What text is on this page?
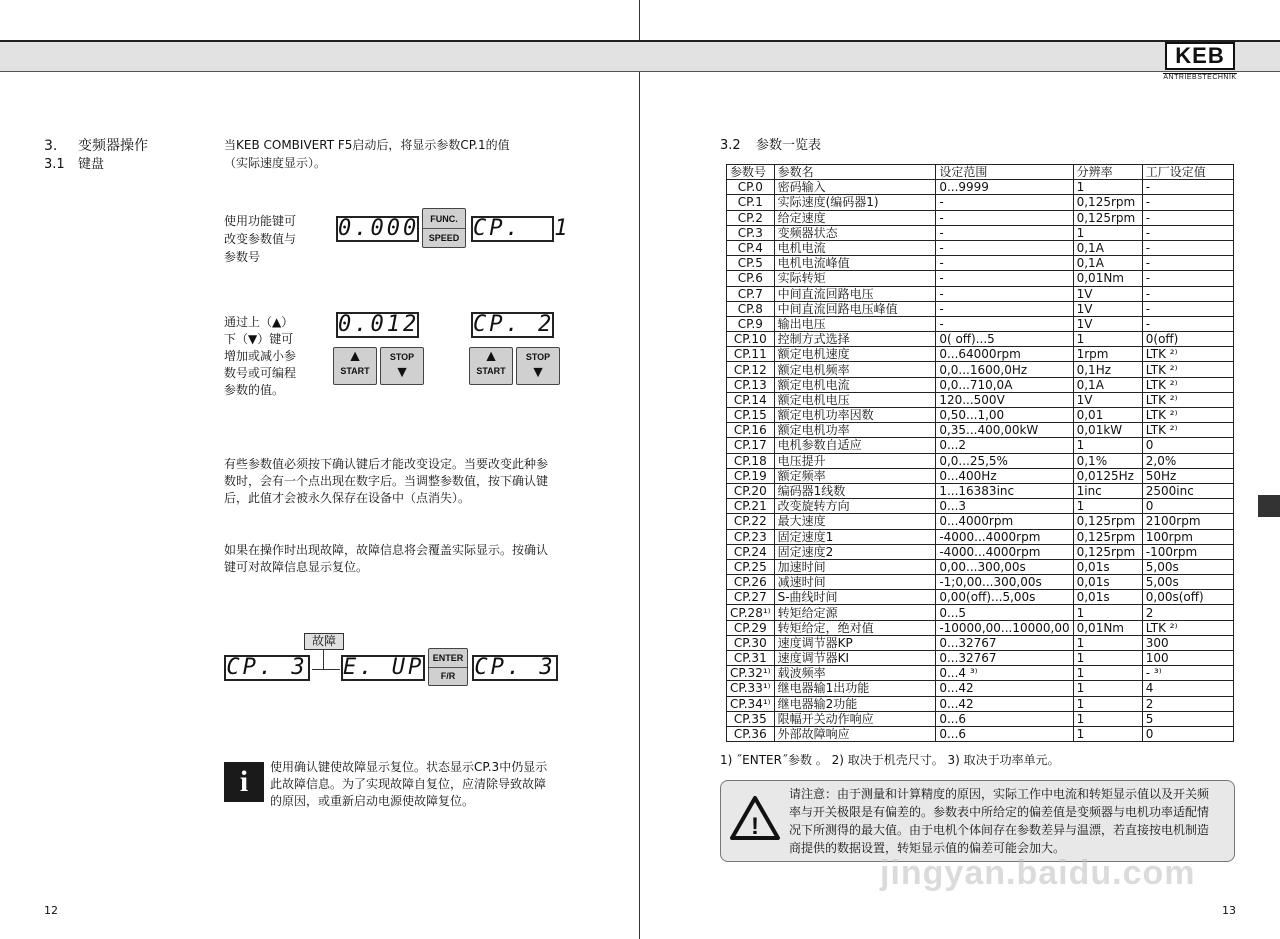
KEB
ANTRIEBSTECHNIK
3. 变频器操作
3.1 键盘
当KEB COMBIVERT F5启动后，将显示参数CP.1的值
（实际速度显示）。
使用功能键可
改变参数值与
参数号
0.000	FUNC.
SPEED CP.  1
通过上（▲）
下（▼）键可
增加或减小参
数号或可编程
参数的值。
0.012 CP. 2
▲
START
STOP
▼
▲
START
STOP
▼
有些参数值必须按下确认键后才能改变设定。当要改变此种参
数时，会有一个点出现在数字后。当调整参数值，按下确认键
后，此值才会被永久保存在设备中（点消失）。
如果在操作时出现故障，故障信息将会覆盖实际显示。按确认
键可对故障信息显示复位。
故障
CP. 3 E. UP ENTER
F/R CP. 3
i	使用确认键使故障显示复位。状态显示CP.3中仍显示
此故障信息。为了实现故障自复位，应清除导致故障
的原因，或重新启动电源使故障复位。
12
3.2 参数一览表
参数号	参数名	设定范围	分辨率	工厂设定值
CP.0	密码输入	0...9999	1	-
CP.1	实际速度(编码器1)	-	0,125rpm	-
CP.2	给定速度	-	0,125rpm	-
CP.3	变频器状态	-	1	-
CP.4	电机电流	-	0,1A	-
CP.5	电机电流峰值	-	0,1A	-
CP.6	实际转矩	-	0,01Nm	-
CP.7	中间直流回路电压	-	1V	-
CP.8	中间直流回路电压峰值	-	1V	-
CP.9	输出电压	-	1V	-
CP.10	控制方式选择	0( off)...5	1	0(off)
CP.11	额定电机速度	0...64000rpm	1rpm	LTK ²⁾
CP.12	额定电机频率	0,0...1600,0Hz	0,1Hz	LTK ²⁾
CP.13	额定电机电流	0,0...710,0A	0,1A	LTK ²⁾
CP.14	额定电机电压	120...500V	1V	LTK ²⁾
CP.15	额定电机功率因数	0,50...1,00	0,01	LTK ²⁾
CP.16	额定电机功率	0,35...400,00kW	0,01kW	LTK ²⁾
CP.17	电机参数自适应	0...2	1	0
CP.18	电压提升	0,0...25,5%	0,1%	2,0%
CP.19	额定频率	0...400Hz	0,0125Hz	50Hz
CP.20	编码器1线数	1...16383inc	1inc	2500inc
CP.21	改变旋转方向	0...3	1	0
CP.22	最大速度	0...4000rpm	0,125rpm	2100rpm
CP.23	固定速度1	-4000...4000rpm	0,125rpm	100rpm
CP.24	固定速度2	-4000...4000rpm	0,125rpm	-100rpm
CP.25	加速时间	0,00...300,00s	0,01s	5,00s
CP.26	减速时间	-1;0,00...300,00s	0,01s	5,00s
CP.27	S-曲线时间	0,00(off)...5,00s	0,01s	0,00s(off)
CP.28¹⁾	转矩给定源	0...5	1	2
CP.29	转矩给定，绝对值	-10000,00...10000,00	0,01Nm	LTK ²⁾
CP.30	速度调节器KP	0...32767	1	300
CP.31	速度调节器KI	0...32767	1	100
CP.32¹⁾	载波频率	0...4 ³⁾	1	- ³⁾
CP.33¹⁾	继电器输1出功能	0...42	1	4
CP.34¹⁾	继电器输2功能	0...42	1	2
CP.35	限幅开关动作响应	0...6	1	5
CP.36	外部故障响应	0...6	1	0
1) ˝ENTER˝参数 。 2) 取决于机壳尺寸。 3) 取决于功率单元。
!
请注意：由于测量和计算精度的原因，实际工作中电流和转矩显示值以及开关频
率与开关极限是有偏差的。参数表中所给定的偏差值是变频器与电机功率适配情
况下所测得的最大值。由于电机个体间存在参数差异与温漂，若直接按电机制造
商提供的数据设置，转矩显示值的偏差可能会加大。
13
jingyan.baidu.com
